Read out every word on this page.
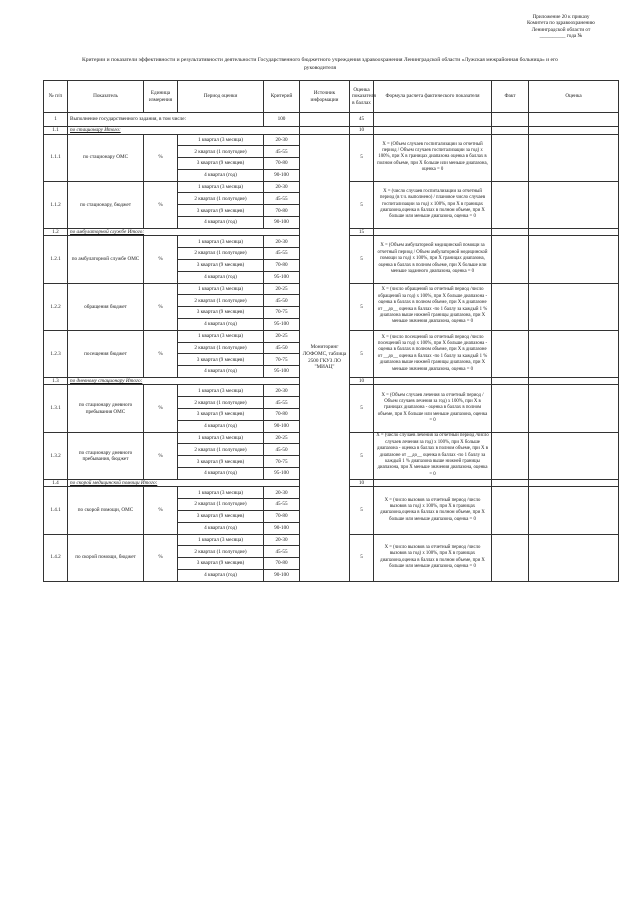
Приложение 20 к приказу
Комитета по здравоохранению
Ленинградской области от
__________ года №
Критерии и показатели эффективности и результативности деятельности Государственного бюджетного учреждения здравоохранения Ленинградской области «Лужская межрайонная больница» и его
руководителя
№ п/п	Показатель	Единица измерения	Период оценки	Критерий	Источник информации	Оценка показателя в баллах	Формула расчета фактического показателя	Факт	Оценка
1	Выполнение государственного задания, в том числе:			100		45			
1.1	по стационару Итого:					10			
1.1.1	по стационару ОМС	%	1 квартал (3 месяца)	20-30	Мониторинг ЛОФОМС, таблица 2500 ГКУЗ ЛО "МИАЦ"	5	X = (Объем случаев госпитализации за отчетный период / Объем случаев госпитализации за год) х 100%, при Х в границах диапазона оценка в баллах в полном объеме, при Х больше или меньше диапазона, оценка = 0		
			2 квартал (1 полугодие)	45-55					
			3 квартал (9 месяцев)	70-80					
			4 квартал (год)	90-100					
1.1.2	по стационару, бюджет	%	1 квартал (3 месяца)	20-30		5	X = (число случаев госпитализации за отчетный период (в т.ч. выполнено) / плановое число случаев госпитализации за год) х 100%, при Х в границах диапазона,оценка в баллах в полном объеме, при Х больше или меньше диапазона, оценка = 0		
			2 квартал (1 полугодие)	45-55					
			3 квартал (9 месяцев)	70-80					
			4 квартал (год)	90-100					
1.2	по амбулаторной службе Итого:					15			
1.2.1	по амбулаторной службе ОМС	%	1 квартал (3 месяца)	20-30		5	X = (Объем амбулаторной медицинской помощи за отчетный период / Объем амбулаторной медицинской помощи за год) х 100%, при Х границах диапазона, оценка в баллах в полном объеме, при Х больше или меньше заданного диапазона, оценка = 0		
			2 квартал (1 полугодие)	45-55					
			3 квартал (9 месяцев)	70-80					
			4 квартал (год)	95-100					
1.2.2	обращения бюджет	%	1 квартал (3 месяца)	20-25		5	X = (число обращений за отчетный период /число обращений за год) х 100%, при Х больше диапазона - оценка в баллах в полном объеме, при Х в диапазоне от __до__ оценка в баллах -по 1 баллу за каждый 1 % диапазона выше нижней границы диапазона, при Х меньше значения диапазона, оценка = 0		
			2 квартал (1 полугодие)	45-50					
			3 квартал (9 месяцев)	70-75					
			4 квартал (год)	95-100					
1.2.3	посещения бюджет	%	1 квартал (3 месяца)	20-25		5	X = (число посещений за отчетный период /число посещений за год) х 100%, при Х больше диапазона - оценка в баллах в полном объеме, при Х в диапазоне от __до__ оценка в баллах -по 1 баллу за каждый 1 % диапазона выше нижней границы диапазона, при Х меньше значения диапазона, оценка = 0		
			2 квартал (1 полугодие)	45-50					
			3 квартал (9 месяцев)	70-75					
			4 квартал (год)	95-100					
1.3	по дневному стационару Итого:					10			
1.3.1	по стационару дневного пребывания ОМС	%	1 квартал (3 месяца)	20-30		5	X = (Объем случаев лечения за отчетный период / Объем случаев лечения за год) х 100%, при Х в границах диапазона - оценка в баллах в полном объеме, при Х больше или меньше диапазона, оценка = 0		
			2 квартал (1 полугодие)	45-55					
			3 квартал (9 месяцев)	70-80					
			4 квартал (год)	90-100					
1.3.2	по стационару дневного пребывания, бюджет	%	1 квартал (3 месяца)	20-25		5	X = (число случаев лечения за отчетный период /число случаев лечения за год) х 100%, при Х больше диапазона - оценка в баллах в полном объеме, при Х в диапазоне от __до__ оценка в баллах -по 1 баллу за каждый 1 % диапазона выше нижней границы диапазона, при Х меньше значения диапазона, оценка = 0		
			2 квартал (1 полугодие)	45-50					
			3 квартал (9 месяцев)	70-75					
			4 квартал (год)	95-100					
1.4	по скорой медицинской помощи Итого:					10			
1.4.1	по скорой помощи, ОМС	%	1 квартал (3 месяца)	20-30		5	X = (число вызовов за отчетный период /число вызовов за год) х 100%, при Х в границах диапазона,оценка в баллах в полном объеме, при Х больше или меньше диапазона, оценка = 0		
			2 квартал (1 полугодие)	45-55					
			3 квартал (9 месяцев)	70-80					
			4 квартал (год)	90-100					
1.4.2	по скорой помощи, бюджет	%	1 квартал (3 месяца)	20-30		5	X = (число вызовов за отчетный период /число вызовов за год) х 100%, при Х в границах диапазона,оценка в баллах в полном объеме, при Х больше или меньше диапазона, оценка = 0		
			2 квартал (1 полугодие)	45-55					
			3 квартал (9 месяцев)	70-80					
			4 квартал (год)	90-100					
